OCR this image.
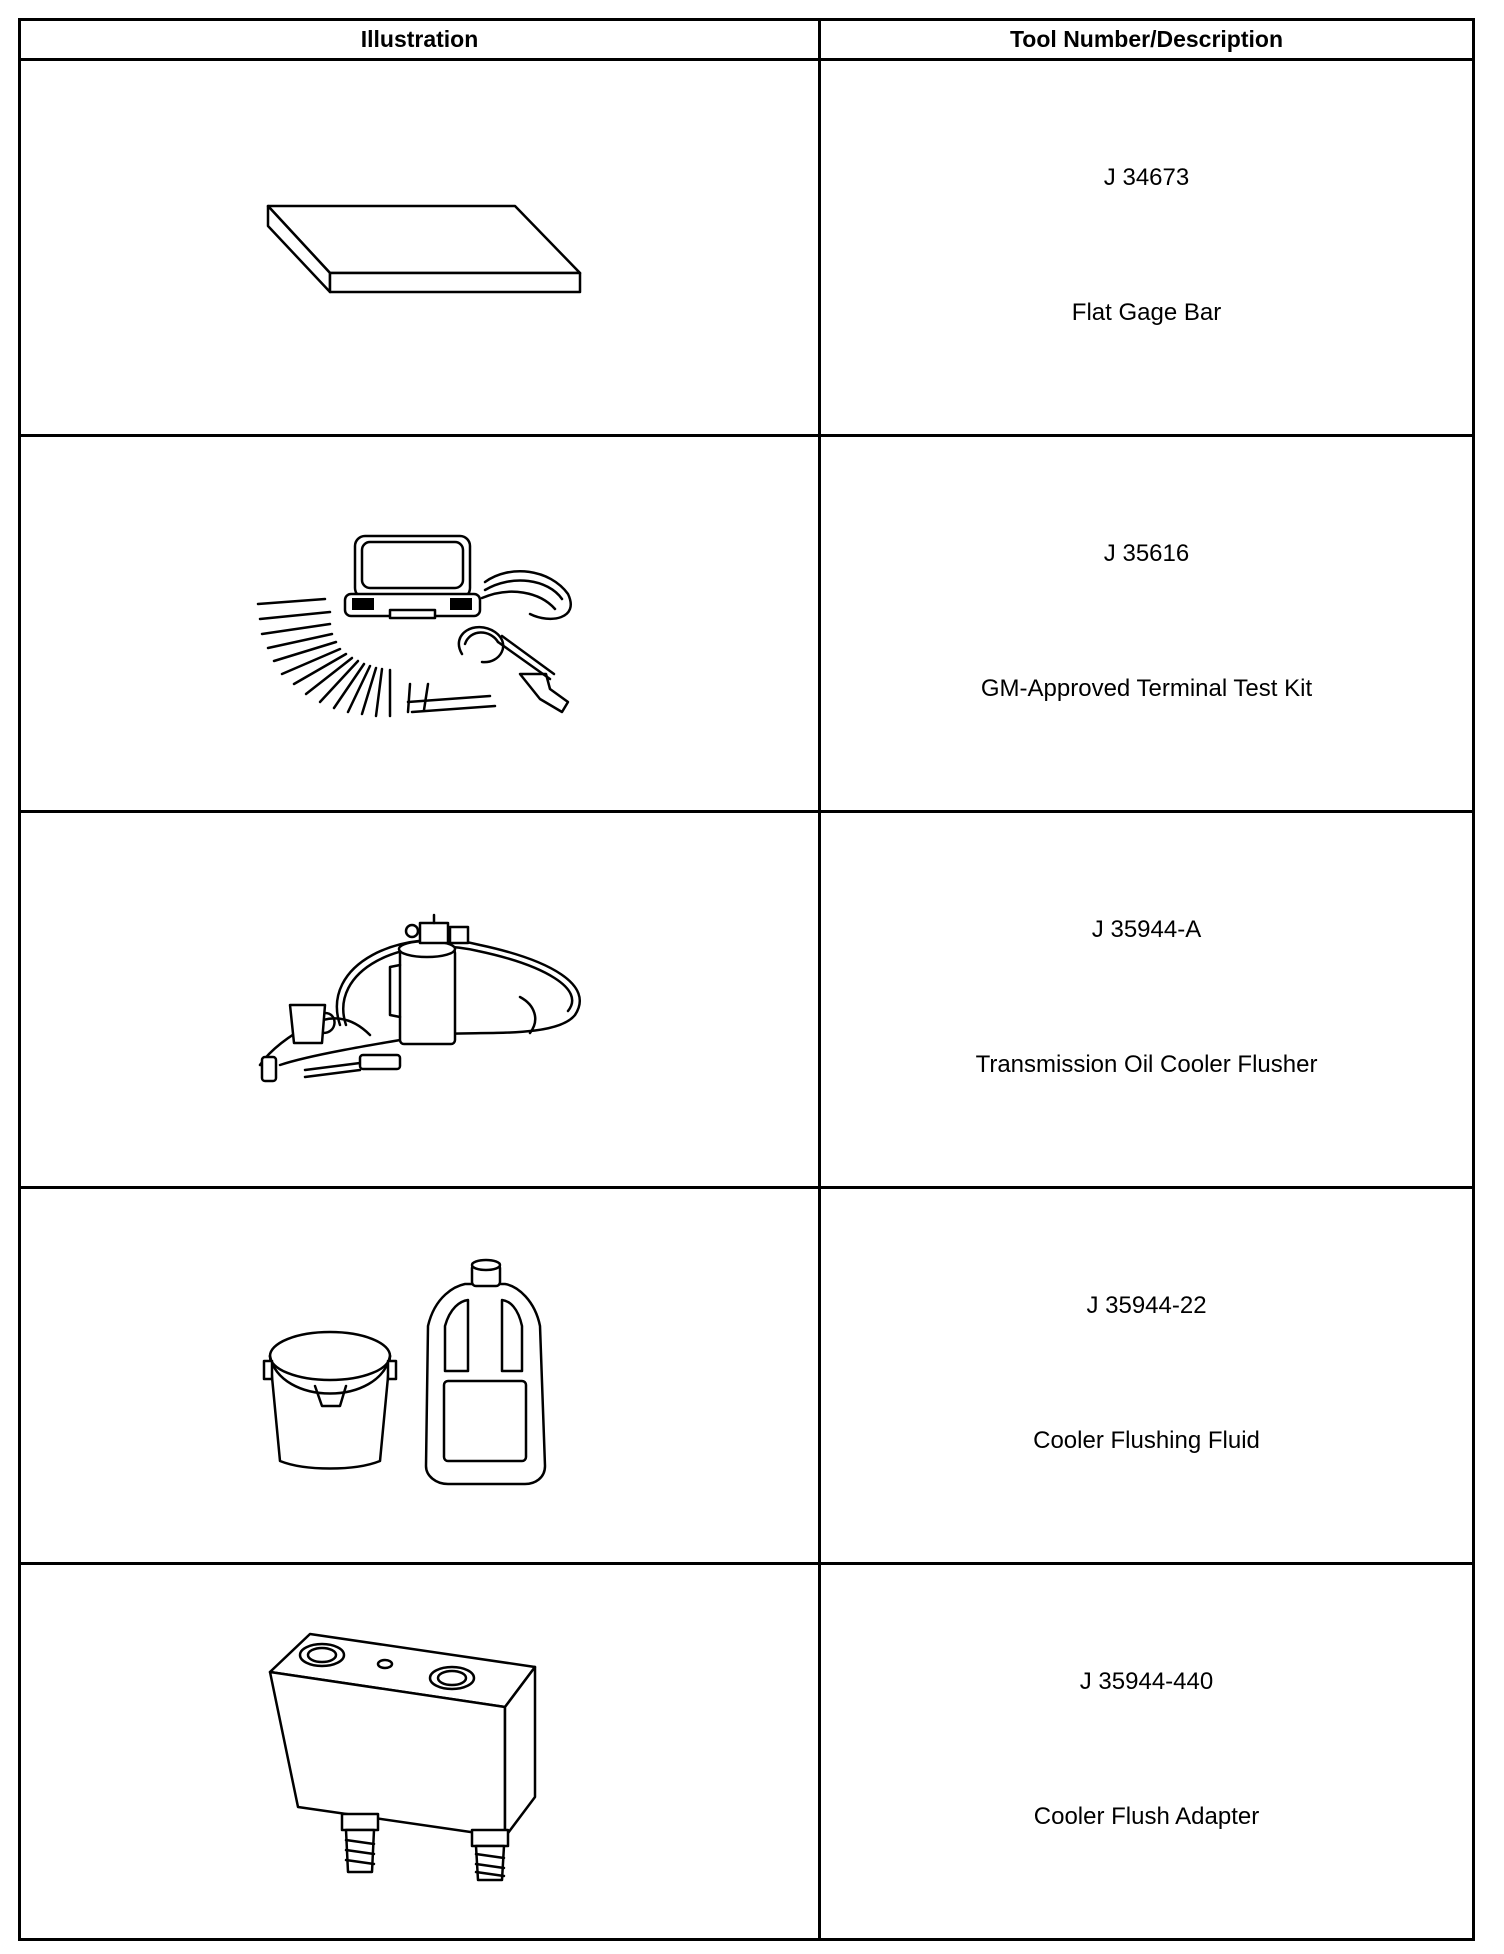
Illustration	Tool Number/Description

J 34673
Flat Gage Bar

J 35616
GM-Approved Terminal Test Kit

J 35944-A
Transmission Oil Cooler Flusher

J 35944-22
Cooler Flushing Fluid

J 35944-440
Cooler Flush Adapter
